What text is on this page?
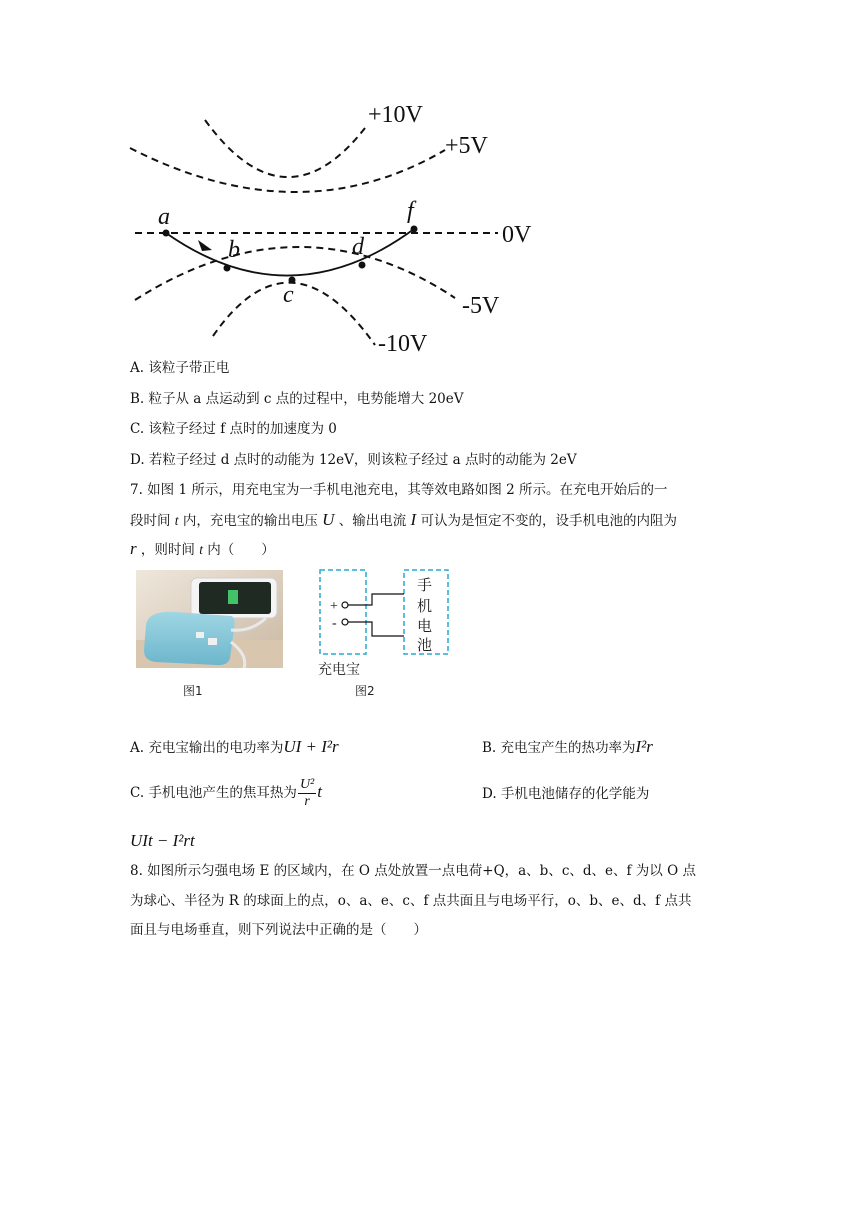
+10V
+5V
0V
-5V
-10V
a
b
c
d
f
A. 该粒子带正电
B. 粒子从 a 点运动到 c 点的过程中，电势能增大 20eV
C. 该粒子经过 f 点时的加速度为 0
D. 若粒子经过 d 点时的动能为 12eV，则该粒子经过 a 点时的动能为 2eV
7. 如图 1 所示，用充电宝为一手机电池充电，其等效电路如图 2 所示。在充电开始后的一
段时间 t 内，充电宝的输出电压 U 、输出电流 I 可认为是恒定不变的，设手机电池的内阻为
r ，则时间 t 内（　　）
图1
+
-
手
机
电
池
充电宝
图2
A. 充电宝输出的电功率为UI + I²r	B. 充电宝产生的热功率为I²r
C. 手机电池产生的焦耳热为 $\frac{\text{U²}}{r}$ t	D. 手机电池储存的化学能为
UIt − I²rt
8. 如图所示匀强电场 E 的区域内，在 O 点处放置一点电荷+Q，a、b、c、d、e、f 为以 O 点
为球心、半径为 R 的球面上的点，o、a、e、c、f 点共面且与电场平行，o、b、e、d、f 点共
面且与电场垂直，则下列说法中正确的是（　　）
